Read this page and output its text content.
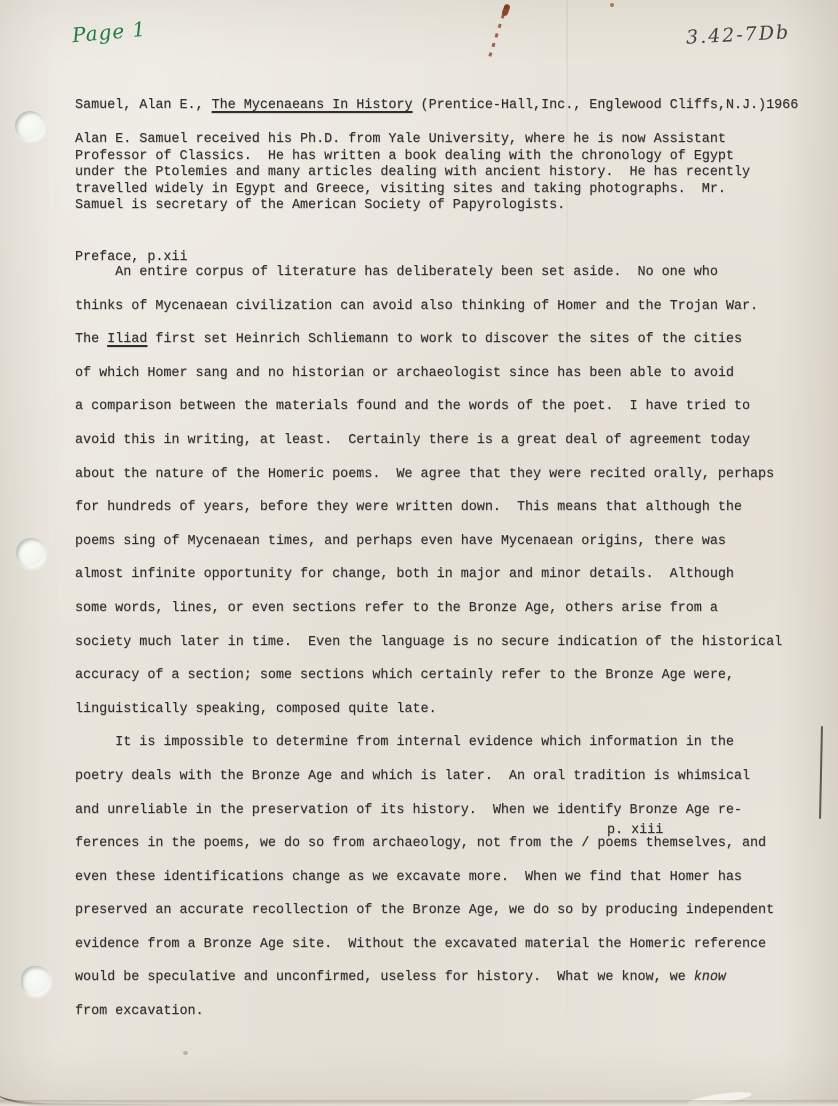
Page 1	3.42-7Db
Samuel, Alan E., The Mycenaeans In History (Prentice-Hall,Inc., Englewood Cliffs,N.J.)1966
Alan E. Samuel received his Ph.D. from Yale University, where he is now Assistant
Professor of Classics.  He has written a book dealing with the chronology of Egypt
under the Ptolemies and many articles dealing with ancient history.  He has recently
travelled widely in Egypt and Greece, visiting sites and taking photographs.  Mr.
Samuel is secretary of the American Society of Papyrologists.
Preface, p.xii
An entire corpus of literature has deliberately been set aside.  No one who
thinks of Mycenaean civilization can avoid also thinking of Homer and the Trojan War.
The Iliad first set Heinrich Schliemann to work to discover the sites of the cities
of which Homer sang and no historian or archaeologist since has been able to avoid
a comparison between the materials found and the words of the poet.  I have tried to
avoid this in writing, at least.  Certainly there is a great deal of agreement today
about the nature of the Homeric poems.  We agree that they were recited orally, perhaps
for hundreds of years, before they were written down.  This means that although the
poems sing of Mycenaean times, and perhaps even have Mycenaean origins, there was
almost infinite opportunity for change, both in major and minor details.  Although
some words, lines, or even sections refer to the Bronze Age, others arise from a
society much later in time.  Even the language is no secure indication of the historical
accuracy of a section; some sections which certainly refer to the Bronze Age were,
linguistically speaking, composed quite late.
It is impossible to determine from internal evidence which information in the
poetry deals with the Bronze Age and which is later.  An oral tradition is whimsical
and unreliable in the preservation of its history.  When we identify Bronze Age re-
ferences in the poems, we do so from archaeology, not from the / poems themselves, and
even these identifications change as we excavate more.  When we find that Homer has
preserved an accurate recollection of the Bronze Age, we do so by producing independent
evidence from a Bronze Age site.  Without the excavated material the Homeric reference
would be speculative and unconfirmed, useless for history.  What we know, we know
from excavation.
p. xiii
